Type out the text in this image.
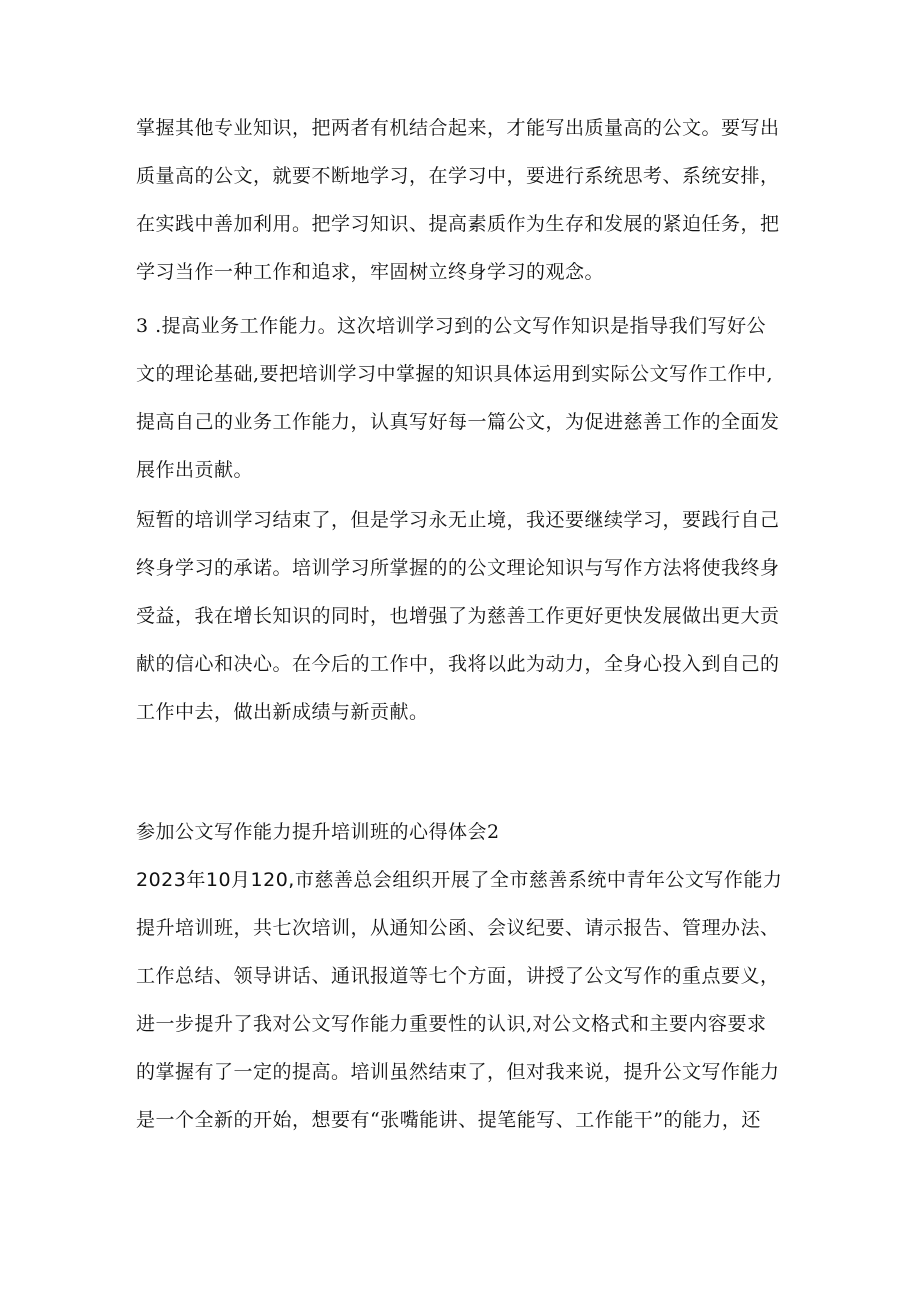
掌握其他专业知识，把两者有机结合起来，才能写出质量高的公文。要写出
质量高的公文，就要不断地学习，在学习中，要进行系统思考、系统安排，
在实践中善加利用。把学习知识、提高素质作为生存和发展的紧迫任务，把
学习当作一种工作和追求，牢固树立终身学习的观念。

3 .提高业务工作能力。这次培训学习到的公文写作知识是指导我们写好公
文的理论基础,要把培训学习中掌握的知识具体运用到实际公文写作工作中,
提高自己的业务工作能力，认真写好每一篇公文，为促进慈善工作的全面发
展作出贡献。

短暂的培训学习结束了，但是学习永无止境，我还要继续学习，要践行自己
终身学习的承诺。培训学习所掌握的的公文理论知识与写作方法将使我终身
受益，我在增长知识的同时，也增强了为慈善工作更好更快发展做出更大贡
献的信心和决心。在今后的工作中，我将以此为动力，全身心投入到自己的
工作中去，做出新成绩与新贡献。

参加公文写作能力提升培训班的心得体会2

2023年10月120,市慈善总会组织开展了全市慈善系统中青年公文写作能力
提升培训班，共七次培训，从通知公函、会议纪要、请示报告、管理办法、
工作总结、领导讲话、通讯报道等七个方面，讲授了公文写作的重点要义，
进一步提升了我对公文写作能力重要性的认识,对公文格式和主要内容要求
的掌握有了一定的提高。培训虽然结束了，但对我来说，提升公文写作能力
是一个全新的开始，想要有“张嘴能讲、提笔能写、工作能干”的能力，还
